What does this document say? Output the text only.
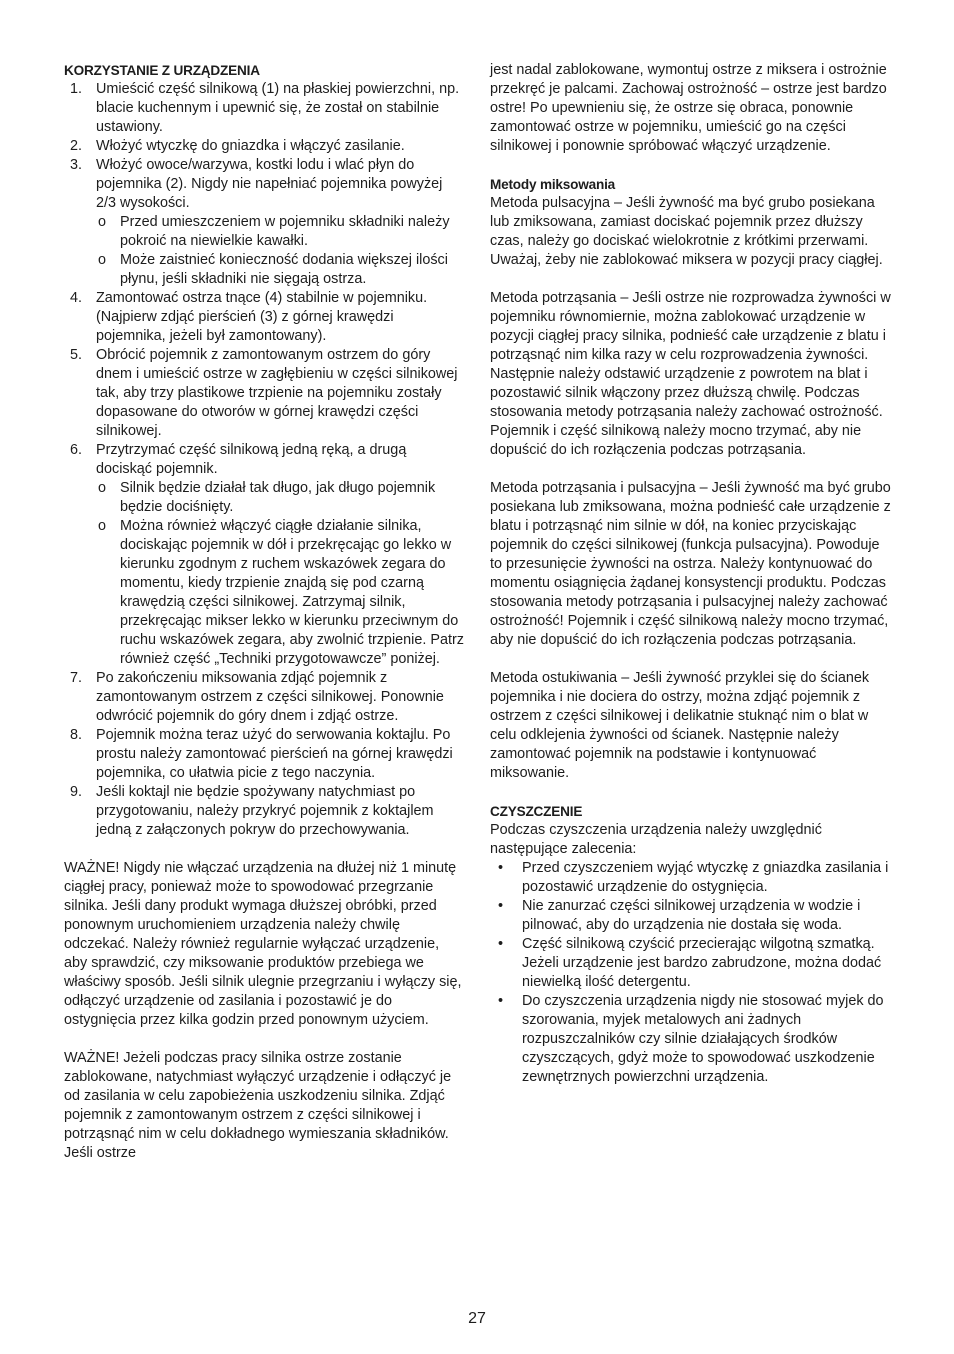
KORZYSTANIE Z URZĄDZENIA
1. Umieścić część silnikową (1) na płaskiej powierzchni, np. blacie kuchennym i upewnić się, że został on stabilnie ustawiony.
2. Włożyć wtyczkę do gniazdka i włączyć zasilanie.
3. Włożyć owoce/warzywa, kostki lodu i wlać płyn do pojemnika (2). Nigdy nie napełniać pojemnika powyżej 2/3 wysokości.
o Przed umieszczeniem w pojemniku składniki należy pokroić na niewielkie kawałki.
o Może zaistnieć konieczność dodania większej ilości płynu, jeśli składniki nie sięgają ostrza.
4. Zamontować ostrza tnące (4) stabilnie w pojemniku. (Najpierw zdjąć pierścień (3) z górnej krawędzi pojemnika, jeżeli był zamontowany).
5. Obrócić pojemnik z zamontowanym ostrzem do góry dnem i umieścić ostrze w zagłębieniu w części silnikowej tak, aby trzy plastikowe trzpienie na pojemniku zostały dopasowane do otworów w górnej krawędzi części silnikowej.
6. Przytrzymać część silnikową jedną ręką, a drugą dociskąć pojemnik.
o Silnik będzie działał tak długo, jak długo pojemnik będzie dociśnięty.
o Można również włączyć ciągłe działanie silnika, dociskając pojemnik w dół i przekręcając go lekko w kierunku zgodnym z ruchem wskazówek zegara do momentu, kiedy trzpienie znajdą się pod czarną krawędzią części silnikowej. Zatrzymaj silnik, przekręcając mikser lekko w kierunku przeciwnym do ruchu wskazówek zegara, aby zwolnić trzpienie. Patrz również część „Techniki przygotowawcze” poniżej.
7. Po zakończeniu miksowania zdjąć pojemnik z zamontowanym ostrzem z części silnikowej. Ponownie odwrócić pojemnik do góry dnem i zdjąć ostrze.
8. Pojemnik można teraz użyć do serwowania koktajlu. Po prostu należy zamontować pierścień na górnej krawędzi pojemnika, co ułatwia picie z tego naczynia.
9. Jeśli koktajl nie będzie spożywany natychmiast po przygotowaniu, należy przykryć pojemnik z koktajlem jedną z załączonych pokryw do przechowywania.

WAŻNE! Nigdy nie włączać urządzenia na dłużej niż 1 minutę ciągłej pracy, ponieważ może to spowodować przegrzanie silnika. Jeśli dany produkt wymaga dłuższej obróbki, przed ponownym uruchomieniem urządzenia należy chwilę odczekać. Należy również regularnie wyłączać urządzenie, aby sprawdzić, czy miksowanie produktów przebiega we właściwy sposób. Jeśli silnik ulegnie przegrzaniu i wyłączy się, odłączyć urządzenie od zasilania i pozostawić je do ostygnięcia przez kilka godzin przed ponownym użyciem.

WAŻNE! Jeżeli podczas pracy silnika ostrze zostanie zablokowane, natychmiast wyłączyć urządzenie i odłączyć je od zasilania w celu zapobieżenia uszkodzeniu silnika. Zdjąć pojemnik z zamontowanym ostrzem z części silnikowej i potrząsnąć nim w celu dokładnego wymieszania składników. Jeśli ostrze

jest nadal zablokowane, wymontuj ostrze z miksera i ostrożnie przekręć je palcami. Zachowaj ostrożność – ostrze jest bardzo ostre! Po upewnieniu się, że ostrze się obraca, ponownie zamontować ostrze w pojemniku, umieścić go na części silnikowej i ponownie spróbować włączyć urządzenie.

Metody miksowania

Metoda pulsacyjna – Jeśli żywność ma być grubo posiekana lub zmiksowana, zamiast dociskać pojemnik przez dłuższy czas, należy go dociskać wielokrotnie z krótkimi przerwami. Uważaj, żeby nie zablokować miksera w pozycji pracy ciągłej.

Metoda potrząsania – Jeśli ostrze nie rozprowadza żywności w pojemniku równomiernie, można zablokować urządzenie w pozycji ciągłej pracy silnika, podnieść całe urządzenie z blatu i potrząsnąć nim kilka razy w celu rozprowadzenia żywności. Następnie należy odstawić urządzenie z powrotem na blat i pozostawić silnik włączony przez dłuższą chwilę. Podczas stosowania metody potrząsania należy zachować ostrożność. Pojemnik i część silnikową należy mocno trzymać, aby nie dopuścić do ich rozłączenia podczas potrząsania.

Metoda potrząsania i pulsacyjna – Jeśli żywność ma być grubo posiekana lub zmiksowana, można podnieść całe urządzenie z blatu i potrząsnąć nim silnie w dół, na koniec przyciskając pojemnik do części silnikowej (funkcja pulsacyjna). Powoduje to przesunięcie żywności na ostrza. Należy kontynuować do momentu osiągnięcia żądanej konsystencji produktu. Podczas stosowania metody potrząsania i pulsacyjnej należy zachować ostrożność! Pojemnik i część silnikową należy mocno trzymać, aby nie dopuścić do ich rozłączenia podczas potrząsania.

Metoda ostukiwania – Jeśli żywność przyklei się do ścianek pojemnika i nie dociera do ostrzy, można zdjąć pojemnik z ostrzem z części silnikowej i delikatnie stuknąć nim o blat w celu odklejenia żywności od ścianek. Następnie należy zamontować pojemnik na podstawie i kontynuować miksowanie.

CZYSZCZENIE

Podczas czyszczenia urządzenia należy uwzględnić następujące zalecenia:

• Przed czyszczeniem wyjąć wtyczkę z gniazdka zasilania i pozostawić urządzenie do ostygnięcia.
• Nie zanurzać części silnikowej urządzenia w wodzie i pilnować, aby do urządzenia nie dostała się woda.
• Część silnikową czyścić przecierając wilgotną szmatką. Jeżeli urządzenie jest bardzo zabrudzone, można dodać niewielką ilość detergentu.
• Do czyszczenia urządzenia nigdy nie stosować myjek do szorowania, myjek metalowych ani żadnych rozpuszczalników czy silnie działających środków czyszczących, gdyż może to spowodować uszkodzenie zewnętrznych powierzchni urządzenia.
27
